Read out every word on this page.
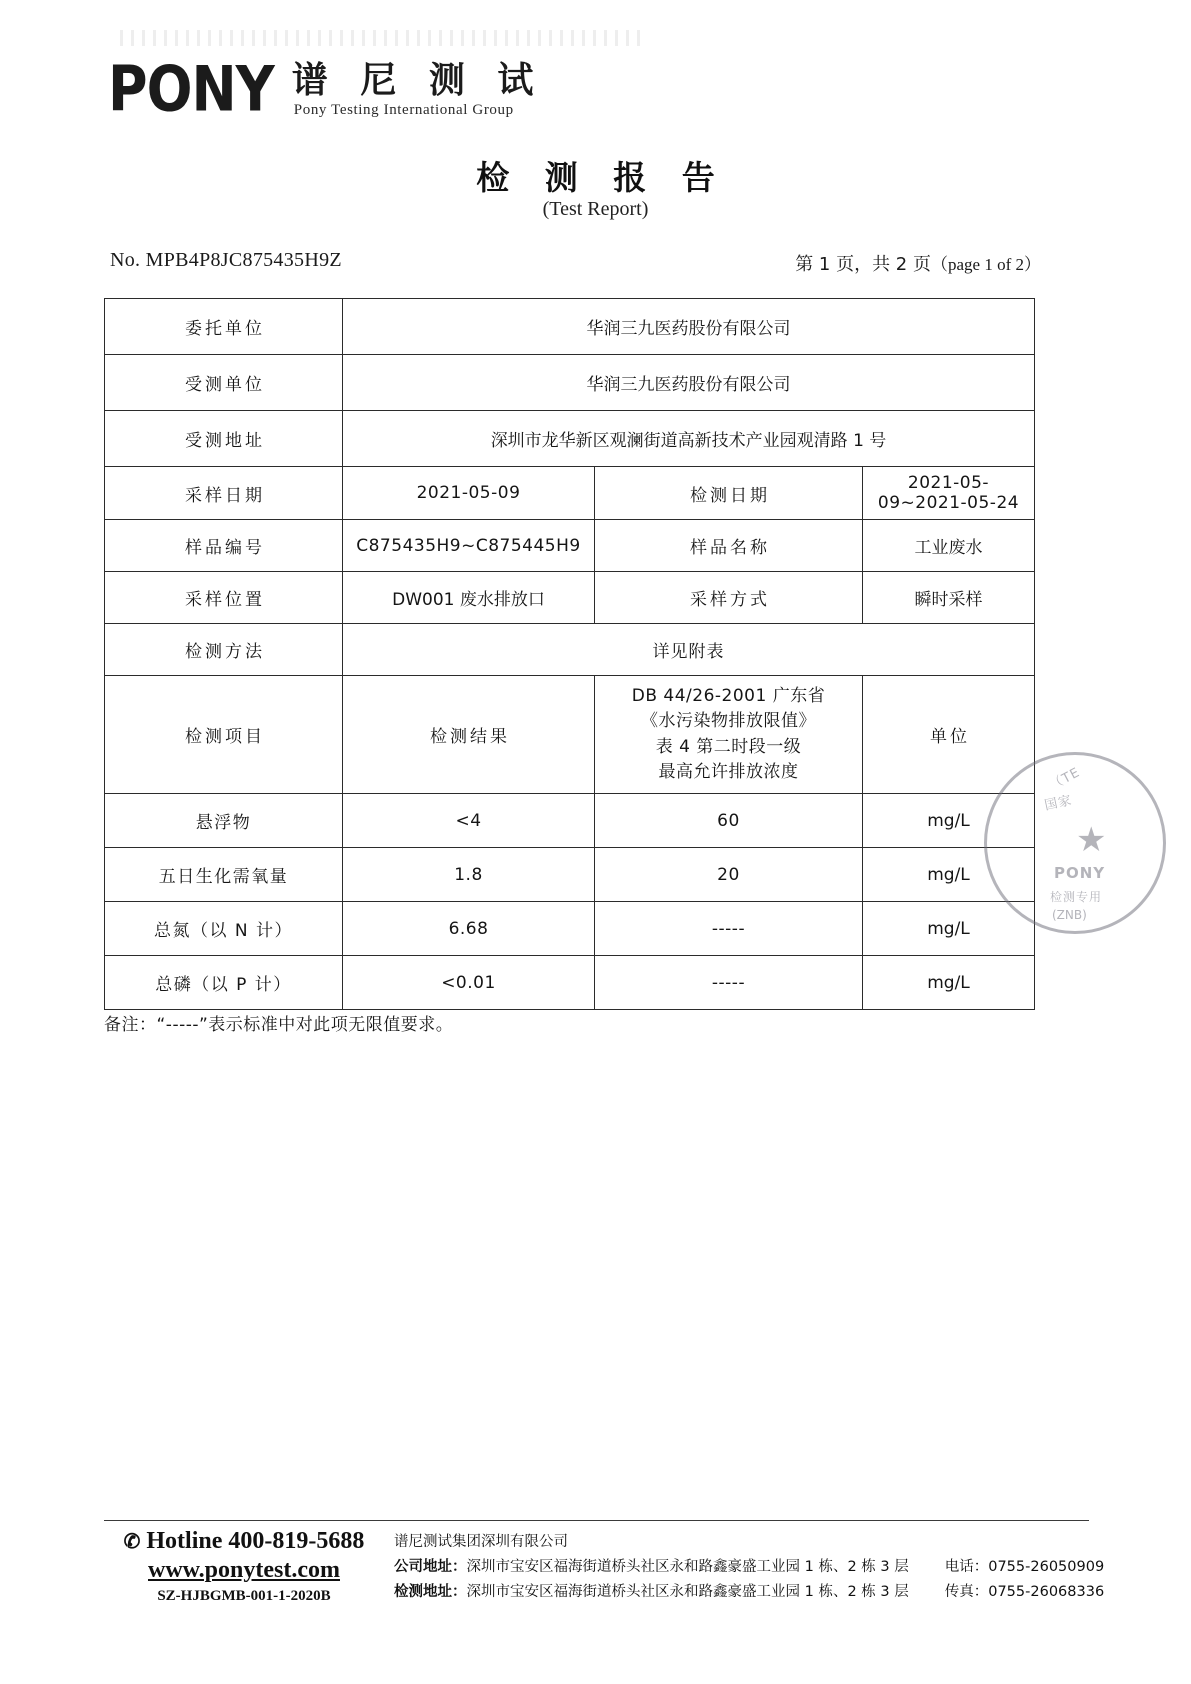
PONY 谱 尼 测 试
Pony Testing International Group
检 测 报 告
(Test Report)
No. MPB4P8JC875435H9Z	第 1 页，共 2 页（page 1 of 2）
委托单位	华润三九医药股份有限公司		
受测单位	华润三九医药股份有限公司		
受测地址	深圳市龙华新区观澜街道高新技术产业园观清路 1 号		
采样日期	2021-05-09	检测日期	2021-05-09~2021-05-24
样品编号	C875435H9~C875445H9	样品名称	工业废水
采样位置	DW001 废水排放口	采样方式	瞬时采样
检测方法	详见附表		
检测项目	检测结果	DB 44/26-2001 广东省
《水污染物排放限值》
表 4 第二时段一级
最高允许排放浓度	单位
悬浮物	<4	60	mg/L
五日生化需氧量	1.8	20	mg/L
总氮（以 N 计）	6.68	-----	mg/L
总磷（以 P 计）	<0.01	-----	mg/L
备注：“-----”表示标准中对此项无限值要求。
（TE
国家
★
PONY
检测专用
(ZNB)
✆ Hotline 400-819-5688
www.ponytest.com
SZ-HJBGMB-001-1-2020B
谱尼测试集团深圳有限公司
公司地址：深圳市宝安区福海街道桥头社区永和路鑫豪盛工业园 1 栋、2 栋 3 层 电话：0755-26050909
检测地址：深圳市宝安区福海街道桥头社区永和路鑫豪盛工业园 1 栋、2 栋 3 层 传真：0755-26068336
